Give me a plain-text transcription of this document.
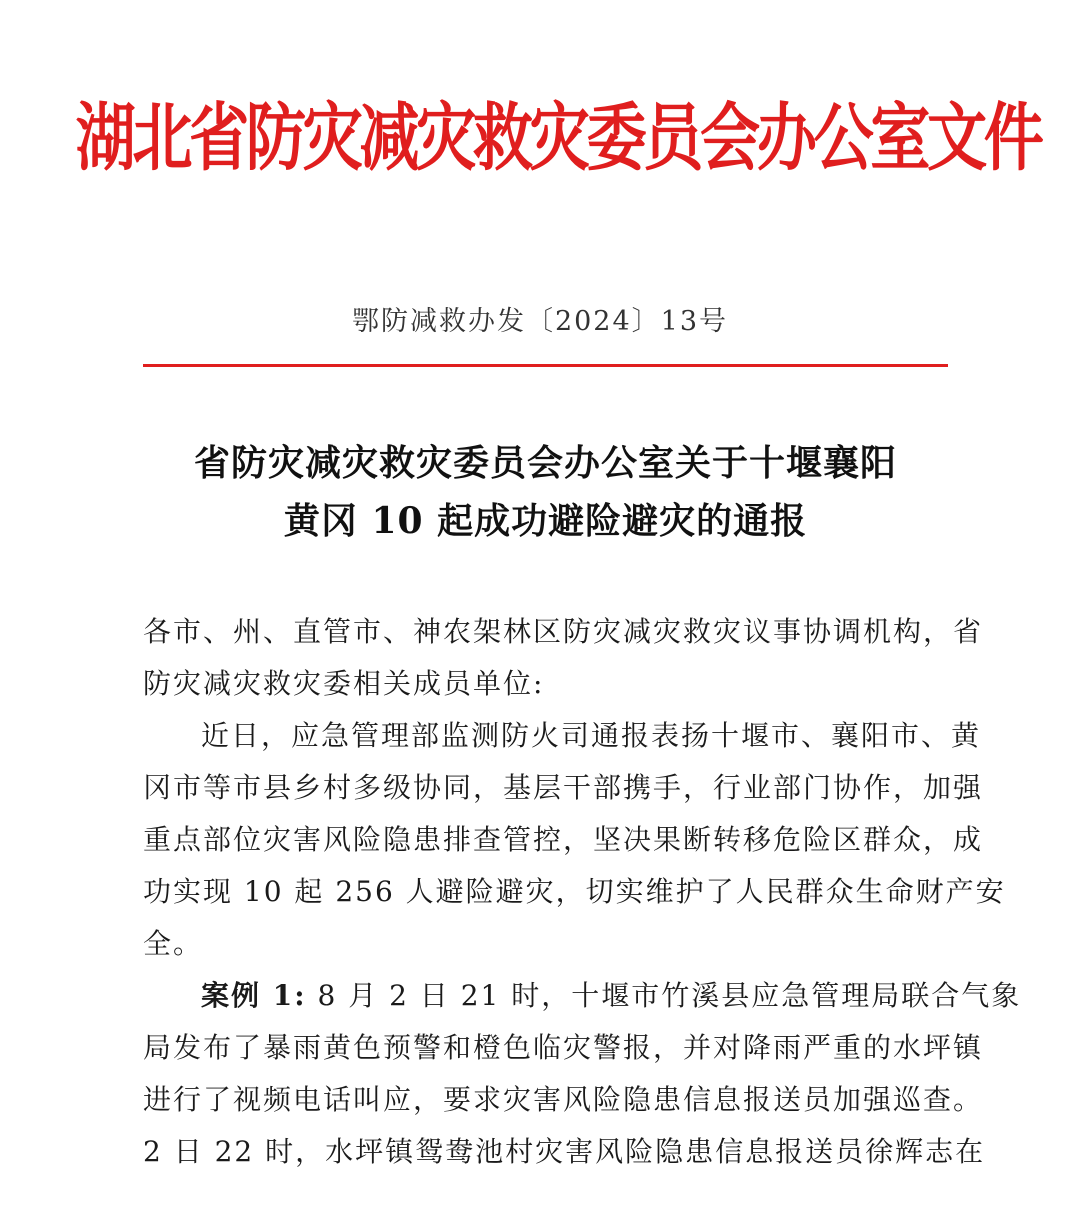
湖北省防灾减灾救灾委员会办公室文件
鄂防减救办发〔2024〕13号
省防灾减灾救灾委员会办公室关于十堰襄阳
黄冈 10 起成功避险避灾的通报

各市、州、直管市、神农架林区防灾减灾救灾议事协调机构，省
防灾减灾救灾委相关成员单位:

近日，应急管理部监测防火司通报表扬十堰市、襄阳市、黄
冈市等市县乡村多级协同，基层干部携手，行业部门协作，加强
重点部位灾害风险隐患排查管控，坚决果断转移危险区群众，成
功实现 10 起 256 人避险避灾，切实维护了人民群众生命财产安
全。

案例 1: 8 月 2 日 21 时，十堰市竹溪县应急管理局联合气象
局发布了暴雨黄色预警和橙色临灾警报，并对降雨严重的水坪镇
进行了视频电话叫应，要求灾害风险隐患信息报送员加强巡查。
2 日 22 时，水坪镇鸳鸯池村灾害风险隐患信息报送员徐辉志在
